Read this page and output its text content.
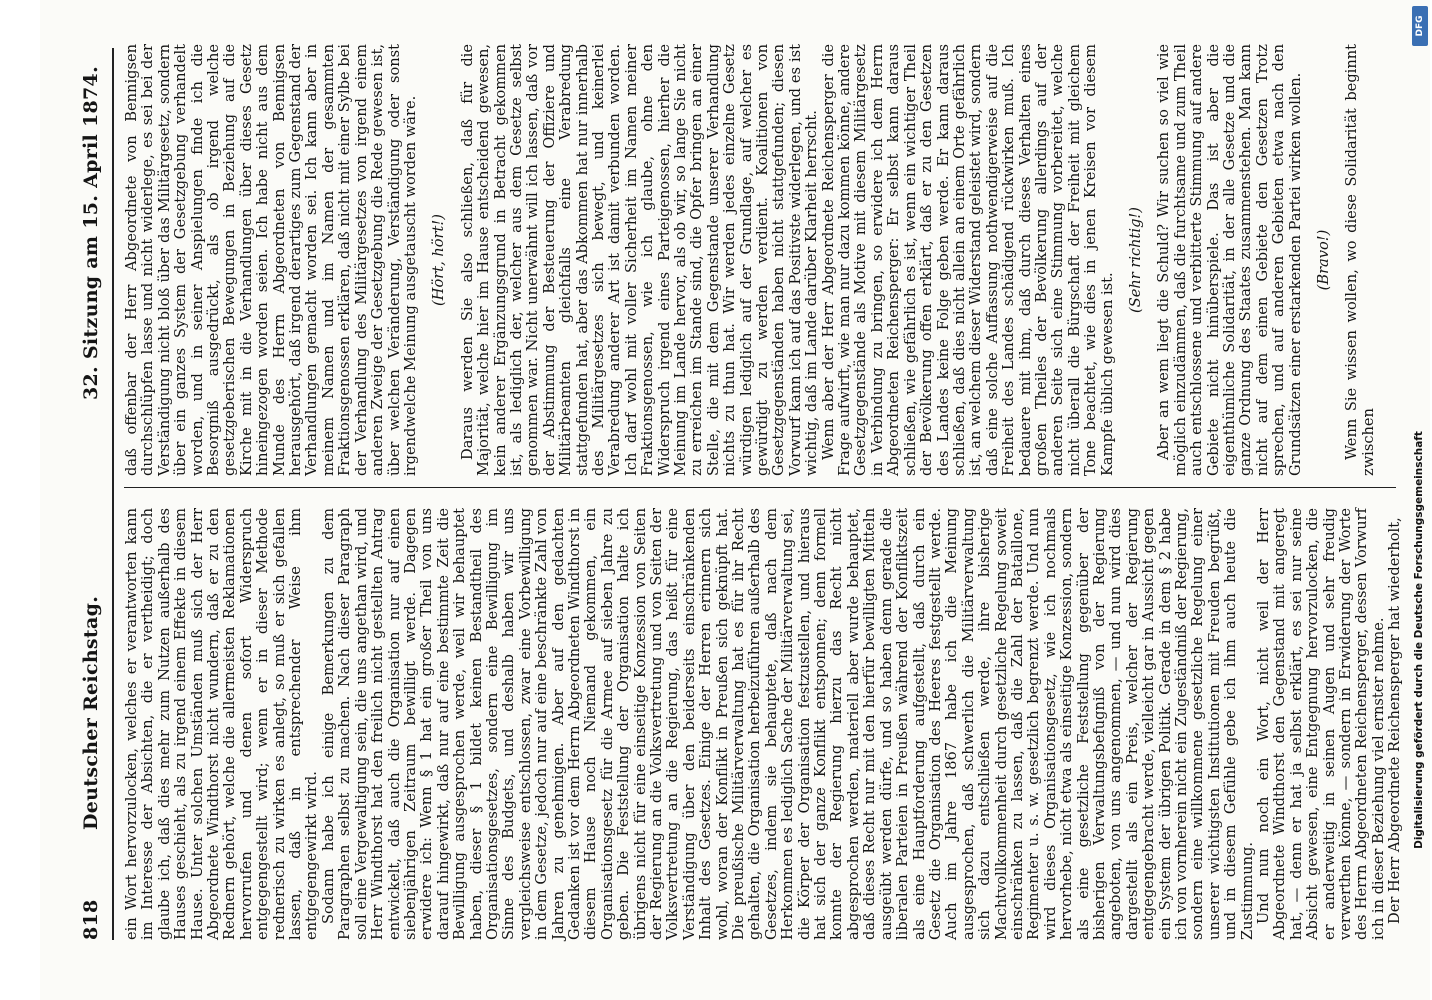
818
Deutscher Reichstag.
32. Sitzung am 15. April 1874.

ein Wort hervorzulocken, welches er verantworten kann im Interesse der Absichten, die er vertheidigt; doch glaube ich, daß dies mehr zum Nutzen außerhalb des Hauses geschieht, als zu irgend einem Effekte in diesem Hause. Unter solchen Umständen muß sich der Herr Abgeordnete Windthorst nicht wundern, daß er zu den Rednern gehört, welche die allermeisten Reklamationen hervorrufen und denen sofort Widerspruch entgegengestellt wird; wenn er in dieser Methode rednerisch zu wirken es anlegt, so muß er sich gefallen lassen, daß in entsprechender Weise ihm entgegengewirkt wird. Sodann habe ich einige Bemerkungen zu dem Paragraphen selbst zu machen. Nach dieser Paragraph soll eine Vergewaltigung sein, die uns angethan wird, und Herr Windthorst hat den freilich nicht gestellten Antrag entwickelt, daß auch die Organisation nur auf einen siebenjährigen Zeitraum bewilligt werde. Dagegen erwidere ich: Wenn § 1 hat ein großer Theil von uns darauf hingewirkt, daß nur auf eine bestimmte Zeit die Bewilligung ausgesprochen werde, weil wir behauptet haben, dieser § 1 bildet keinen Bestandtheil des Organisationsgesetzes, sondern eine Bewilligung im Sinne des Budgets, und deshalb haben wir uns vergleichsweise entschlossen, zwar eine Vorbewilligung in dem Gesetze, jedoch nur auf eine beschränkte Zahl von Jahren zu genehmigen. Aber auf den gedachten Gedanken ist vor dem Herrn Abgeordneten Windthorst in diesem Hause noch Niemand gekommen, ein Organisationsgesetz für die Armee auf sieben Jahre zu geben. Die Feststellung der Organisation halte ich übrigens nicht für eine einseitige Konzession von Seiten der Regierung an die Volksvertretung und von Seiten der Volksvertretung an die Regierung, das heißt für eine Verständigung über den beiderseits einschränkenden Inhalt des Gesetzes. Einige der Herren erinnern sich wohl, woran der Konflikt in Preußen sich geknüpft hat. Die preußische Militärverwaltung hat es für ihr Recht gehalten, die Organisation herbeizuführen außerhalb des Gesetzes, indem sie behauptete, daß nach dem Herkommen es lediglich Sache der Militärverwaltung sei, die Körper der Organisation festzustellen, und hieraus hat sich der ganze Konflikt entsponnen; denn formell konnte der Regierung hierzu das Recht nicht abgesprochen werden, materiell aber wurde behauptet, daß dieses Recht nur mit den hierfür bewilligten Mitteln ausgeübt werden dürfe, und so haben denn gerade die liberalen Parteien in Preußen während der Konfliktszeit als eine Hauptforderung aufgestellt, daß durch ein Gesetz die Organisation des Heeres festgestellt werde. Auch im Jahre 1867 habe ich die Meinung ausgesprochen, daß schwerlich die Militärverwaltung sich dazu entschließen werde, ihre bisherige Machtvollkommenheit durch gesetzliche Regelung soweit einschränken zu lassen, daß die Zahl der Bataillone, Regimenter u. s. w. gesetzlich begrenzt werde. Und nun wird dieses Organisationsgesetz, wie ich nochmals hervorhebe, nicht etwa als einseitige Konzession, sondern als eine gesetzliche Feststellung gegenüber der bisherigen Verwaltungsbefugniß von der Regierung angeboten, von uns angenommen, — und nun wird dies dargestellt als ein Preis, welcher der Regierung entgegengebracht werde, vielleicht gar in Aussicht gegen ein System der übrigen Politik. Gerade in dem § 2 habe ich von vornherein nicht ein Zugeständniß der Regierung, sondern eine willkommene gesetzliche Regelung einer unserer wichtigsten Institutionen mit Freuden begrüßt, und in diesem Gefühle gebe ich ihm auch heute die Zustimmung. Und nun noch ein Wort, nicht weil der Herr Abgeordnete Windthorst den Gegenstand mit angeregt hat, — denn er hat ja selbst erklärt, es sei nur seine Absicht gewesen, eine Entgegnung hervorzulocken, die er anderweitig in seinen Augen und sehr freudig verwerthen könne, — sondern in Erwiderung der Worte des Herrn Abgeordneten Reichensperger, dessen Vorwurf ich in dieser Beziehung viel ernster nehme. Der Herr Abgeordnete Reichensperger hat wiederholt,

daß offenbar der Herr Abgeordnete von Bennigsen durchschlüpfen lasse und nicht widerlege, es sei bei der Verständigung nicht bloß über das Militärgesetz, sondern über ein ganzes System der Gesetzgebung verhandelt worden, und in seiner Anspielungen finde ich die Besorgniß ausgedrückt, als ob irgend welche gesetzgeberischen Bewegungen in Beziehung auf die Kirche mit in die Verhandlungen über dieses Gesetz hineingezogen worden seien. Ich habe nicht aus dem Munde des Herrn Abgeordneten von Bennigsen herausgehört, daß irgend derartiges zum Gegenstand der Verhandlungen gemacht worden sei. Ich kann aber in meinem Namen und im Namen der gesammten Fraktionsgenossen erklären, daß nicht mit einer Sylbe bei der Verhandlung des Militärgesetzes von irgend einem anderen Zweige der Gesetzgebung die Rede gewesen ist, über welchen Veränderung, Verständigung oder sonst irgendwelche Meinung ausgetauscht worden wäre. (Hört, hört!) Daraus werden Sie also schließen, daß für die Majorität, welche hier im Hause entscheidend gewesen, kein anderer Ergänzungsgrund in Betracht gekommen ist, als lediglich der, welcher aus dem Gesetze selbst genommen war. Nicht unerwähnt will ich lassen, daß vor der Abstimmung der Besteuerung der Offiziere und Militärbeamten gleichfalls eine Verabredung stattgefunden hat, aber das Abkommen hat nur innerhalb des Militärgesetzes sich bewegt, und keinerlei Verabredung anderer Art ist damit verbunden worden. Ich darf wohl mit voller Sicherheit im Namen meiner Fraktionsgenossen, wie ich glaube, ohne den Widerspruch irgend eines Parteigenossen, hierher die Meinung im Lande hervor, als ob wir, so lange Sie nicht zu erreichen im Stande sind, die Opfer bringen an einer Stelle, die mit dem Gegenstande unserer Verhandlung nichts zu thun hat. Wir werden jedes einzelne Gesetz würdigen lediglich auf der Grundlage, auf welcher es gewürdigt zu werden verdient. Koalitionen von Gesetzgegenständen haben nicht stattgefunden; diesen Vorwurf kann ich auf das Positivste widerlegen, und es ist wichtig, daß im Lande darüber Klarheit herrscht. Wenn aber der Herr Abgeordnete Reichensperger die Frage aufwirft, wie man nur dazu kommen könne, andere Gesetzgegenstände als Motive mit diesem Militärgesetz in Verbindung zu bringen, so erwidere ich dem Herrn Abgeordneten Reichensperger: Er selbst kann daraus schließen, wie gefährlich es ist, wenn ein wichtiger Theil der Bevölkerung offen erklärt, daß er zu den Gesetzen des Landes keine Folge geben werde. Er kann daraus schließen, daß dies nicht allein an einem Orte gefährlich ist, an welchem dieser Widerstand geleistet wird, sondern daß eine solche Auffassung nothwendigerweise auf die Freiheit des Landes schädigend rückwirken muß. Ich bedauere mit ihm, daß durch dieses Verhalten eines großen Theiles der Bevölkerung allerdings auf der anderen Seite sich eine Stimmung vorbereitet, welche nicht überall die Bürgschaft der Freiheit mit gleichem Tone beachtet, wie dies in jenen Kreisen vor diesem Kampfe üblich gewesen ist.

(Sehr richtig!) Aber an wem liegt die Schuld? Wir suchen so viel wie möglich einzudämmen, daß die furchtsame und zum Theil auch entschlossene und verbitterte Stimmung auf andere Gebiete nicht hinüberspiele. Das ist aber die eigenthümliche Solidarität, in der alle Gesetze und die ganze Ordnung des Staates zusammenstehen. Man kann nicht auf dem einen Gebiete den Gesetzen Trotz sprechen, und auf anderen Gebieten etwa nach den Grundsätzen einer erstarkenden Partei wirken wollen. (Bravo!) Wenn Sie wissen wollen, wo diese Solidarität beginnt zwischen

DFG
Digitalisierung gefördert durch die Deutsche Forschungsgemeinschaft
